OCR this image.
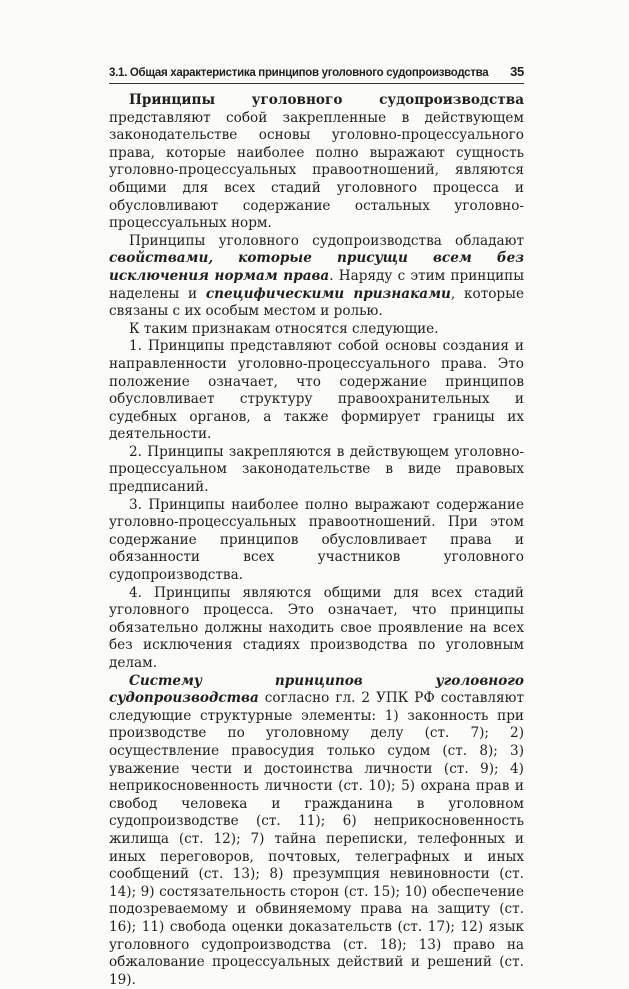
3.1. Общая характеристика принципов уголовного судопроизводства 35

Принципы уголовного судопроизводства представляют собой закрепленные в действующем законодательстве основы уголовно-процессуального права, которые наиболее полно выражают сущность уголовно-процессуальных правоотношений, являются общими для всех стадий уголовного процесса и обусловливают содержание остальных уголовно-процессуальных норм.

Принципы уголовного судопроизводства обладают свойствами, которые присущи всем без исключения нормам права. Наряду с этим принципы наделены и специфическими признаками, которые связаны с их особым местом и ролью.

К таким признакам относятся следующие.

1. Принципы представляют собой основы создания и направленности уголовно-процессуального права. Это положение означает, что содержание принципов обусловливает структуру правоохранительных и судебных органов, а также формирует границы их деятельности.

2. Принципы закрепляются в действующем уголовно-процессуальном законодательстве в виде правовых предписаний.

3. Принципы наиболее полно выражают содержание уголовно-процессуальных правоотношений. При этом содержание принципов обусловливает права и обязанности всех участников уголовного судопроизводства.

4. Принципы являются общими для всех стадий уголовного процесса. Это означает, что принципы обязательно должны находить свое проявление на всех без исключения стадиях производства по уголовным делам.

Систему принципов уголовного судопроизводства согласно гл. 2 УПК РФ составляют следующие структурные элементы: 1) законность при производстве по уголовному делу (ст. 7); 2) осуществление правосудия только судом (ст. 8); 3) уважение чести и достоинства личности (ст. 9); 4) неприкосновенность личности (ст. 10); 5) охрана прав и свобод человека и гражданина в уголовном судопроизводстве (ст. 11); 6) неприкосновенность жилища (ст. 12); 7) тайна переписки, телефонных и иных переговоров, почтовых, телеграфных и иных сообщений (ст. 13); 8) презумпция невиновности (ст. 14); 9) состязательность сторон (ст. 15); 10) обеспечение подозреваемому и обвиняемому права на защиту (ст. 16); 11) свобода оценки доказательств (ст. 17); 12) язык уголовного судопроизводства (ст. 18); 13) право на обжалование процессуальных действий и решений (ст. 19).
